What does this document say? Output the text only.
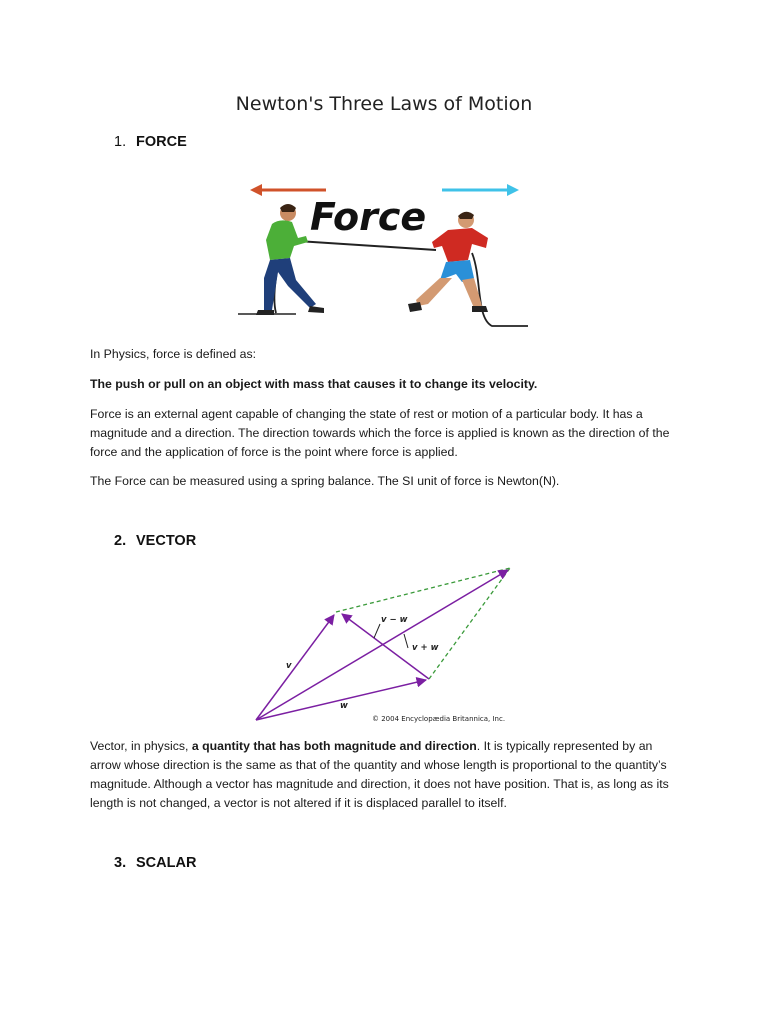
Newton's Three Laws of Motion
1. FORCE
Force
In Physics, force is defined as:
The push or pull on an object with mass that causes it to change its velocity.
Force is an external agent capable of changing the state of rest or motion of a particular body. It has a magnitude and a direction. The direction towards which the force is applied is known as the direction of the force and the application of force is the point where force is applied.
The Force can be measured using a spring balance. The SI unit of force is Newton(N).
2. VECTOR
v − w
v + w
v
w
© 2004 Encyclopædia Britannica, Inc.
Vector, in physics, a quantity that has both magnitude and direction. It is typically represented by an arrow whose direction is the same as that of the quantity and whose length is proportional to the quantity’s magnitude. Although a vector has magnitude and direction, it does not have position. That is, as long as its length is not changed, a vector is not altered if it is displaced parallel to itself.
3. SCALAR
